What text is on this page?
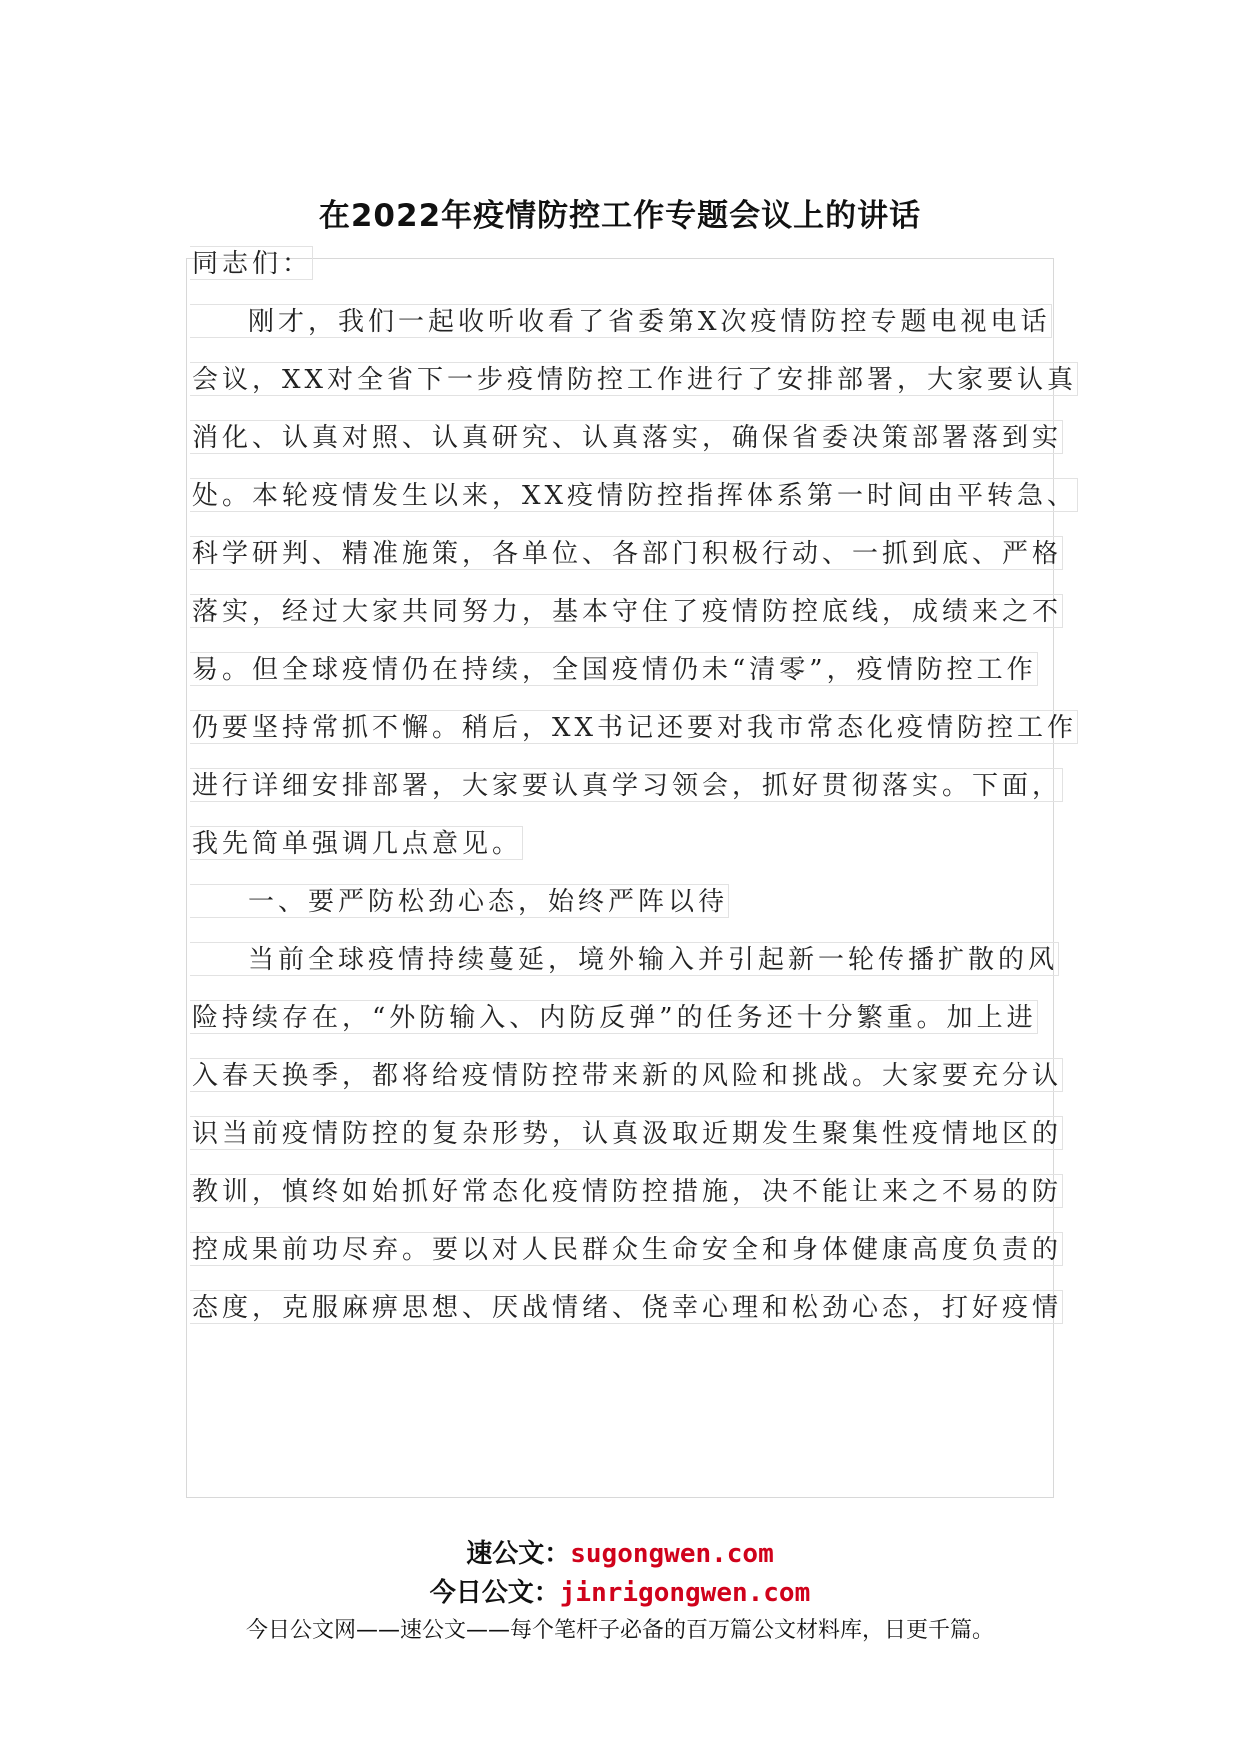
在2022年疫情防控工作专题会议上的讲话
同志们：
刚才，我们一起收听收看了省委第X次疫情防控专题电视电话
会议，XX对全省下一步疫情防控工作进行了安排部署，大家要认真
消化、认真对照、认真研究、认真落实，确保省委决策部署落到实
处。本轮疫情发生以来，XX疫情防控指挥体系第一时间由平转急、
科学研判、精准施策，各单位、各部门积极行动、一抓到底、严格
落实，经过大家共同努力，基本守住了疫情防控底线，成绩来之不
易。但全球疫情仍在持续，全国疫情仍未“清零”，疫情防控工作
仍要坚持常抓不懈。稍后，XX书记还要对我市常态化疫情防控工作
进行详细安排部署，大家要认真学习领会，抓好贯彻落实。下面，
我先简单强调几点意见。
一、要严防松劲心态，始终严阵以待
当前全球疫情持续蔓延，境外输入并引起新一轮传播扩散的风
险持续存在，“外防输入、内防反弹”的任务还十分繁重。加上进
入春天换季，都将给疫情防控带来新的风险和挑战。大家要充分认
识当前疫情防控的复杂形势，认真汲取近期发生聚集性疫情地区的
教训，慎终如始抓好常态化疫情防控措施，决不能让来之不易的防
控成果前功尽弃。要以对人民群众生命安全和身体健康高度负责的
态度，克服麻痹思想、厌战情绪、侥幸心理和松劲心态，打好疫情
速公文：sugongwen.com
今日公文：jinrigongwen.com
今日公文网——速公文——每个笔杆子必备的百万篇公文材料库，日更千篇。
